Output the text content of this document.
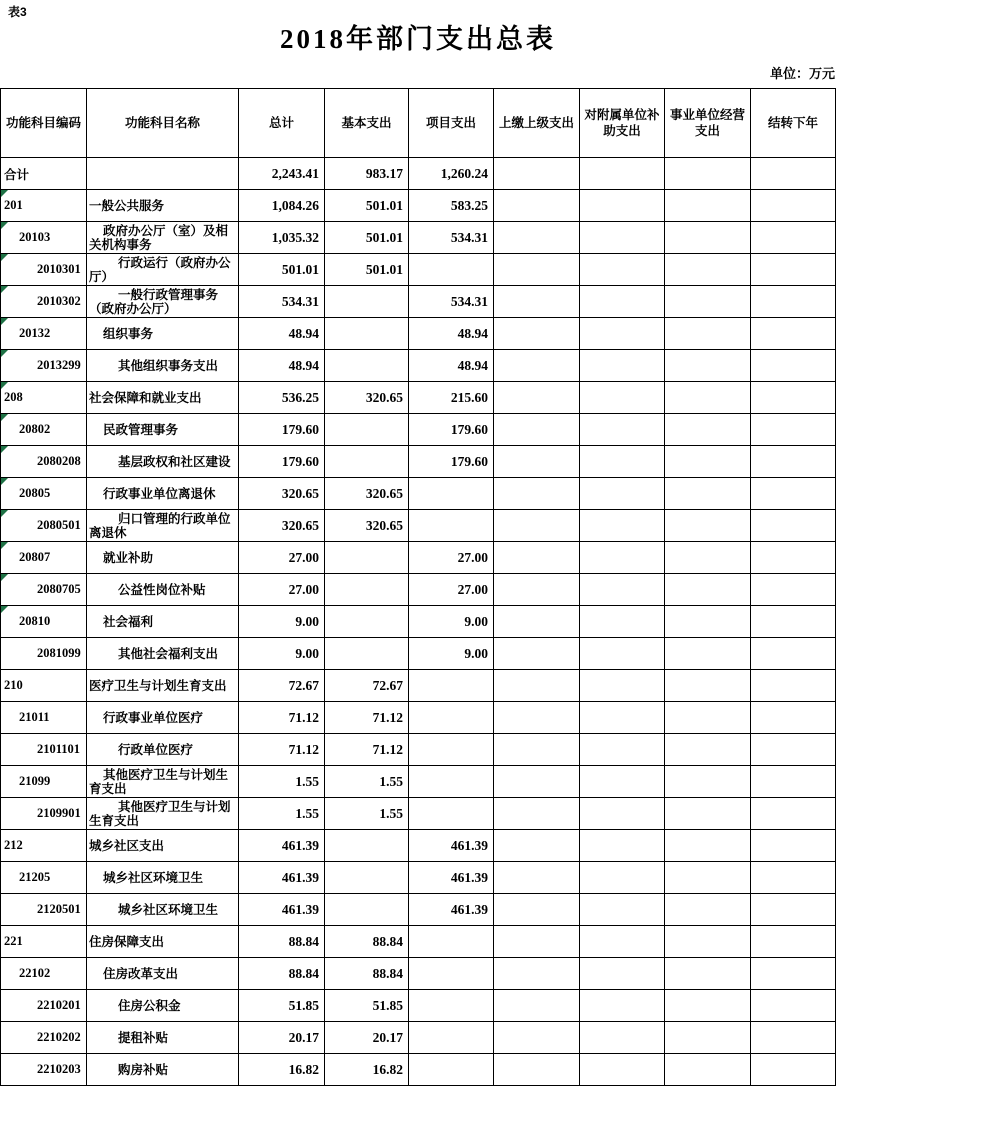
表3
2018年部门支出总表
单位：万元
功能科目编码	功能科目名称	总计	基本支出	项目支出	上缴上级支出	对附属单位补助支出	事业单位经营支出	结转下年
合计		2,243.41	983.17	1,260.24				

201	一般公共服务	1,084.26	501.01	583.25				

20103	政府办公厅（室）及相关机构事务	1,035.32	501.01	534.31				

2010301	行政运行（政府办公厅）	501.01	501.01					

2010302	一般行政管理事务（政府办公厅）	534.31		534.31				

20132	组织事务	48.94		48.94				

2013299	其他组织事务支出	48.94		48.94				

208	社会保障和就业支出	536.25	320.65	215.60				

20802	民政管理事务	179.60		179.60				

2080208	基层政权和社区建设	179.60		179.60				

20805	行政事业单位离退休	320.65	320.65					

2080501	归口管理的行政单位离退休	320.65	320.65					

20807	就业补助	27.00		27.00				

2080705	公益性岗位补贴	27.00		27.00				

20810	社会福利	9.00		9.00				
2081099	其他社会福利支出	9.00		9.00				
210	医疗卫生与计划生育支出	72.67	72.67					
21011	行政事业单位医疗	71.12	71.12					
2101101	行政单位医疗	71.12	71.12					
21099	其他医疗卫生与计划生育支出	1.55	1.55					
2109901	其他医疗卫生与计划生育支出	1.55	1.55					
212	城乡社区支出	461.39		461.39				
21205	城乡社区环境卫生	461.39		461.39				
2120501	城乡社区环境卫生	461.39		461.39				
221	住房保障支出	88.84	88.84					
22102	住房改革支出	88.84	88.84					
2210201	住房公积金	51.85	51.85					
2210202	提租补贴	20.17	20.17					
2210203	购房补贴	16.82	16.82					
